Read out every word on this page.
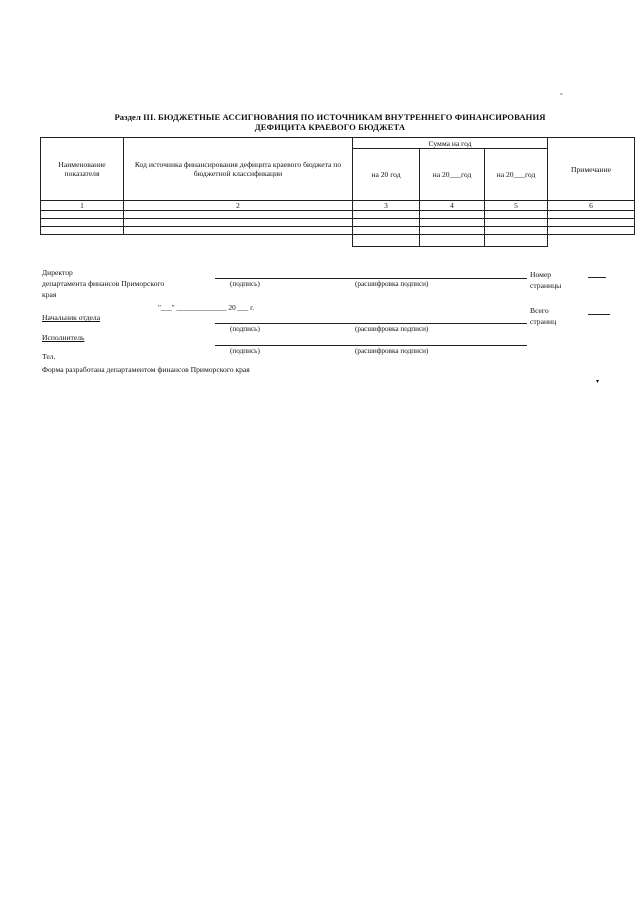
ˇ
▾
Раздел III. БЮДЖЕТНЫЕ АССИГНОВАНИЯ ПО ИСТОЧНИКАМ ВНУТРЕННЕГО ФИНАНСИРОВАНИЯ
ДЕФИЦИТА КРАЕВОГО БЮДЖЕТА
Наименование показателя	Код источника финансирования дефицита краевого бюджета по бюджетной классификации	Сумма на год			Примечание
		на 20 год	на 20___год	на 20___год	
1	2	3	4	5	6

Директор
департамента финансов Приморского
края
(подпись)	(расшифровка подписи)
Номер
страницы
"___" ______________ 20 ___ г.	Всего
страниц
Начальник отдела
(подпись)	(расшифровка подписи)
Исполнитель
(подпись)	(расшифровка подписи)
Тел.
Форма разработана департаментом финансов Приморского края
